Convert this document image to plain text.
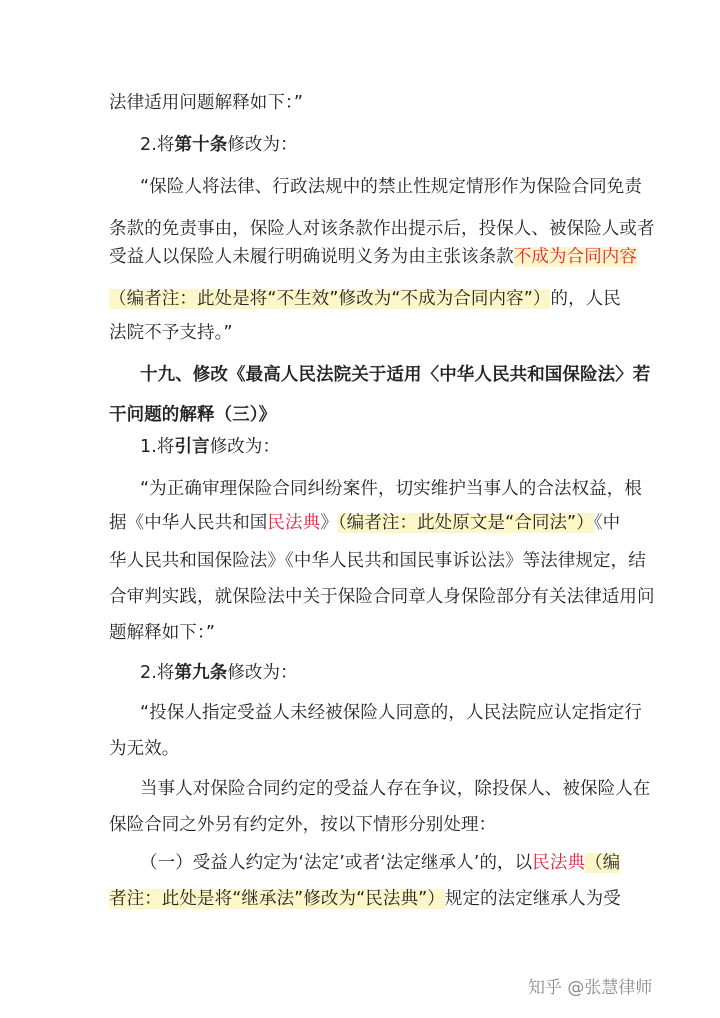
法律适用问题解释如下：”
2.将第十条修改为：
“保险人将法律、行政法规中的禁止性规定情形作为保险合同免责
条款的免责事由，保险人对该条款作出提示后，投保人、被保险人或者
受益人以保险人未履行明确说明义务为由主张该条款不成为合同内容
（编者注：此处是将“不生效”修改为“不成为合同内容”）的，人民
法院不予支持。”
十九、修改《最高人民法院关于适用〈中华人民共和国保险法〉若
干问题的解释（三）》
1.将引言修改为：
“为正确审理保险合同纠纷案件，切实维护当事人的合法权益，根
据《中华人民共和国民法典》（编者注：此处原文是“合同法”）《中
华人民共和国保险法》《中华人民共和国民事诉讼法》等法律规定，结
合审判实践，就保险法中关于保险合同章人身保险部分有关法律适用问
题解释如下：”
2.将第九条修改为：
“投保人指定受益人未经被保险人同意的，人民法院应认定指定行
为无效。
当事人对保险合同约定的受益人存在争议，除投保人、被保险人在
保险合同之外另有约定外，按以下情形分别处理：
（一）受益人约定为‘法定’或者‘法定继承人’的，以民法典（编
者注：此处是将“继承法”修改为“民法典”）规定的法定继承人为受
知乎 @张慧律师
